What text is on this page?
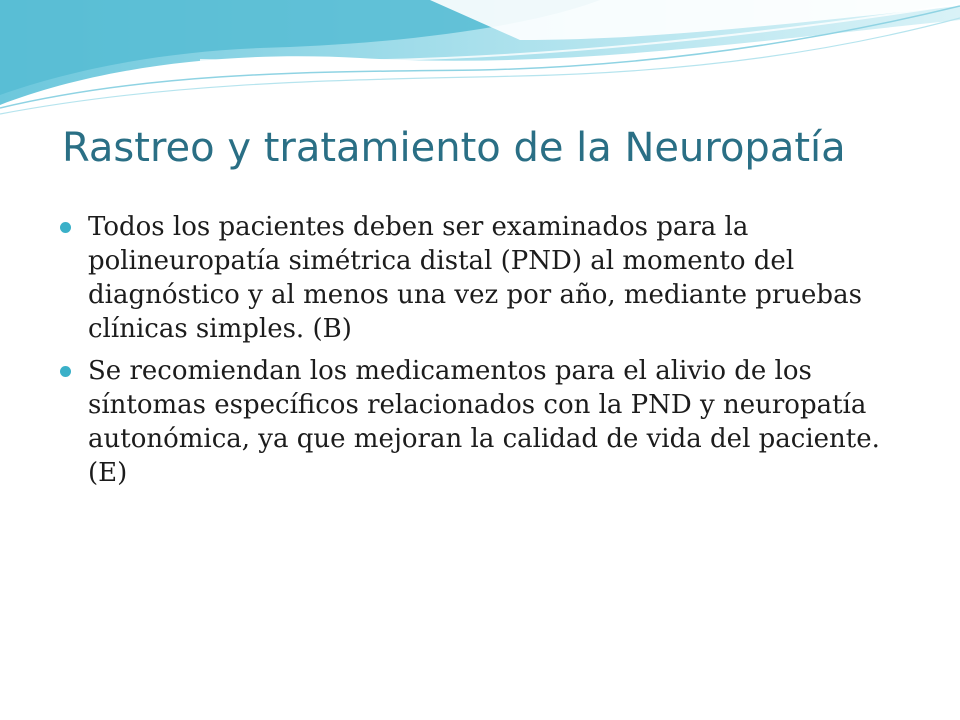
Rastreo y tratamiento de la Neuropatía
Todos los pacientes deben ser examinados para la polineuropatía simétrica distal (PND) al momento del diagnóstico y al menos una vez por año, mediante pruebas clínicas simples. (B)
Se recomiendan los medicamentos para el alivio de los síntomas específicos relacionados con la PND y neuropatía autonómica, ya que mejoran la calidad de vida del paciente. (E)
